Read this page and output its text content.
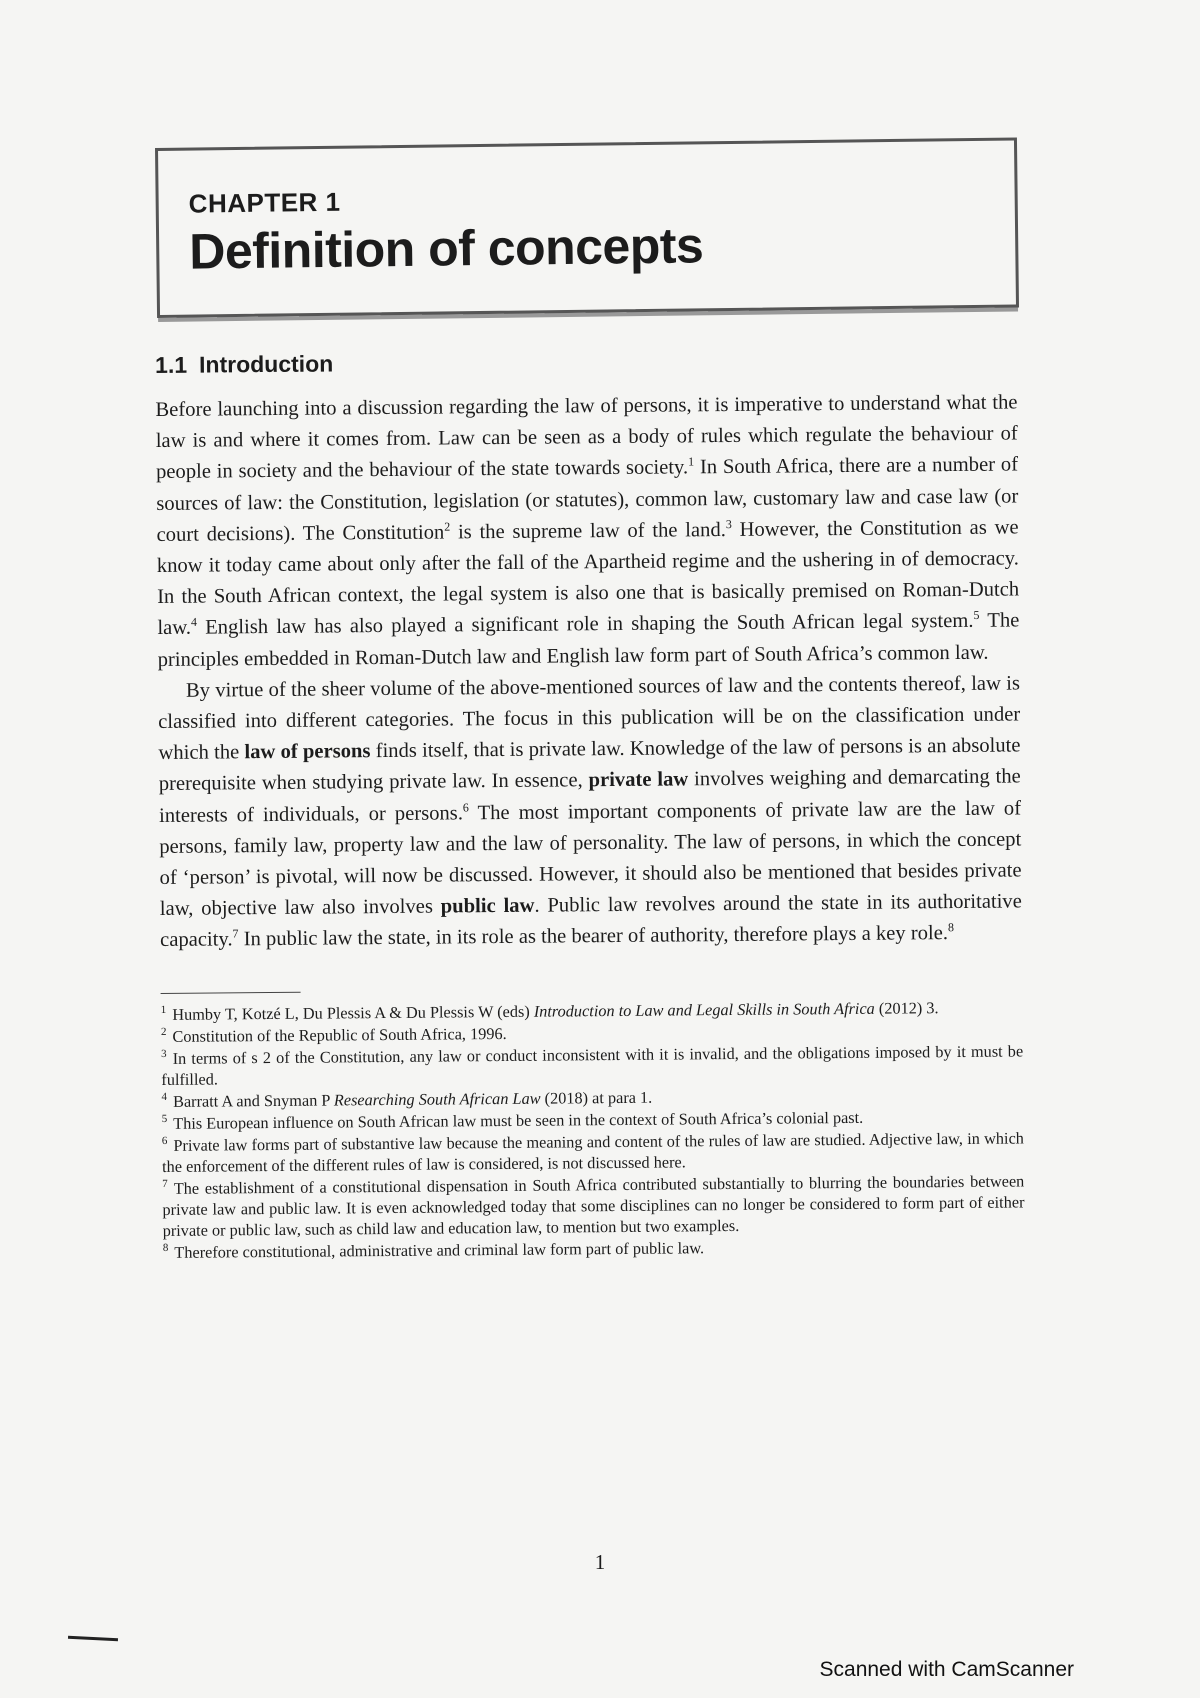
CHAPTER 1
Definition of concepts
1.1 Introduction

Before launching into a discussion regarding the law of persons, it is imperative to understand what the law is and where it comes from. Law can be seen as a body of rules which regulate the behaviour of people in society and the behaviour of the state towards society.$^1$ In South Africa, there are a number of sources of law: the Constitution, legislation (or statutes), common law, customary law and case law (or court decisions). The Constitution$^2$ is the supreme law of the land.$^3$ However, the Constitution as we know it today came about only after the fall of the Apartheid regime and the ushering in of democracy. In the South African context, the legal system is also one that is basically premised on Roman-Dutch law.$^4$ English law has also played a significant role in shaping the South African legal system.$^5$ The principles embedded in Roman-Dutch law and English law form part of South Africa’s common law.

By virtue of the sheer volume of the above-mentioned sources of law and the contents thereof, law is classified into different categories. The focus in this publication will be on the classification under which the law of persons finds itself, that is private law. Knowledge of the law of persons is an absolute prerequisite when studying private law. In essence, private law involves weighing and demarcating the interests of individuals, or persons.$^6$ The most important components of private law are the law of persons, family law, property law and the law of personality. The law of persons, in which the concept of ‘person’ is pivotal, will now be discussed. However, it should also be mentioned that besides private law, objective law also involves public law. Public law revolves around the state in its authoritative capacity.$^7$ In public law the state, in its role as the bearer of authority, therefore plays a key role.$^8$

$^1$ Humby T, Kotzé L, Du Plessis A & Du Plessis W (eds) Introduction to Law and Legal Skills in South Africa (2012) 3.

$^2$ Constitution of the Republic of South Africa, 1996.

$^3$ In terms of s 2 of the Constitution, any law or conduct inconsistent with it is invalid, and the obligations imposed by it must be fulfilled.

$^4$ Barratt A and Snyman P Researching South African Law (2018) at para 1.

$^5$ This European influence on South African law must be seen in the context of South Africa’s colonial past.

$^6$ Private law forms part of substantive law because the meaning and content of the rules of law are studied. Adjective law, in which the enforcement of the different rules of law is considered, is not discussed here.

$^7$ The establishment of a constitutional dispensation in South Africa contributed substantially to blurring the boundaries between private law and public law. It is even acknowledged today that some disciplines can no longer be considered to form part of either private or public law, such as child law and education law, to mention but two examples.

$^8$ Therefore constitutional, administrative and criminal law form part of public law.

1
Scanned with CamScanner
